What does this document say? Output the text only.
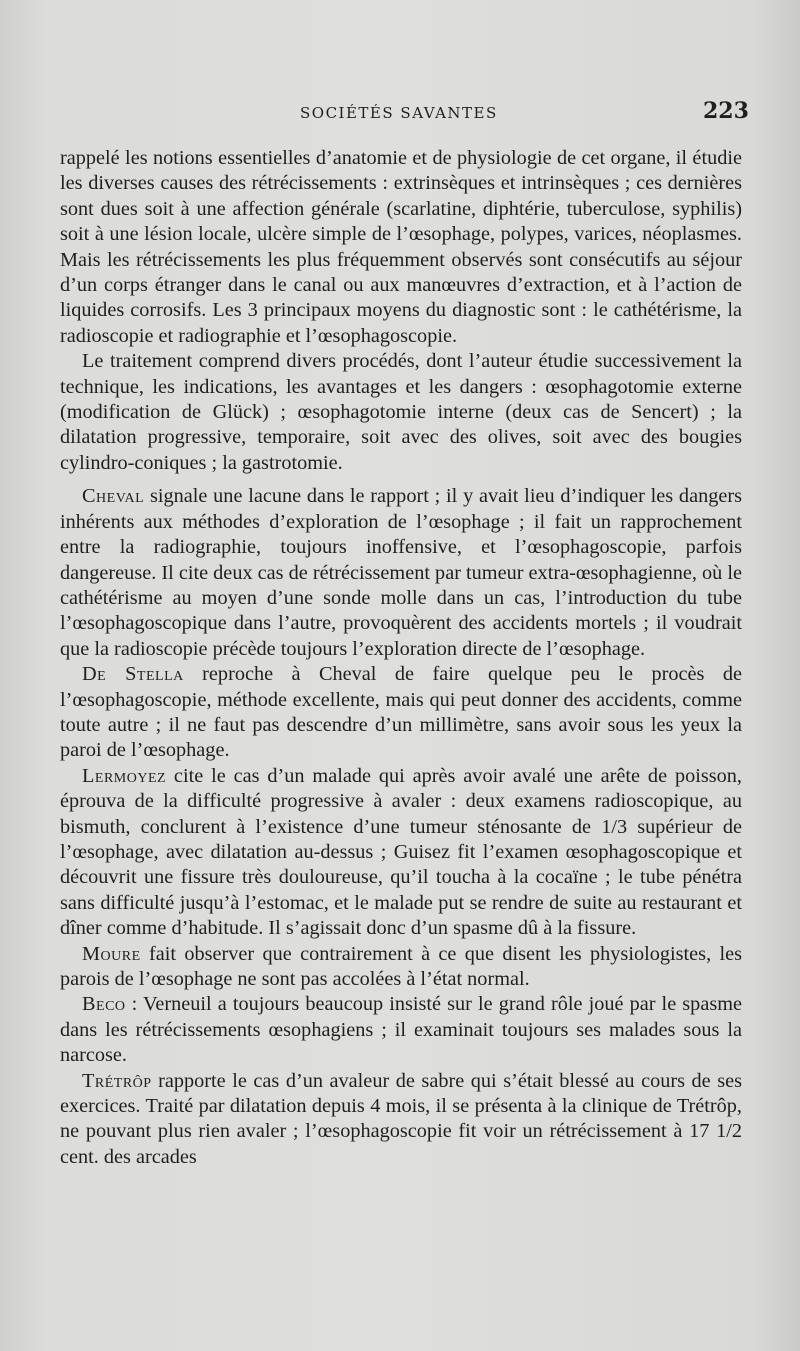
SOCIÉTÉS SAVANTES	223

rappelé les notions essentielles d’anatomie et de physiologie de cet organe, il étudie les diverses causes des rétrécissements : extrinsèques et intrinsèques ; ces dernières sont dues soit à une affection générale (scarlatine, diphtérie, tuberculose, syphilis) soit à une lésion locale, ulcère simple de l’œsophage, polypes, varices, néoplasmes. Mais les rétrécissements les plus fréquemment observés sont consécutifs au séjour d’un corps étranger dans le canal ou aux manœuvres d’extraction, et à l’action de liquides corrosifs. Les 3 principaux moyens du diagnostic sont : le cathétérisme, la radioscopie et radiographie et l’œsophagoscopie.

Le traitement comprend divers procédés, dont l’auteur étudie successivement la technique, les indications, les avantages et les dangers : œsophagotomie externe (modification de Glück) ; œsophagotomie interne (deux cas de Sencert) ; la dilatation progressive, temporaire, soit avec des olives, soit avec des bougies cylindro-coniques ; la gastrotomie.

Cheval signale une lacune dans le rapport ; il y avait lieu d’indiquer les dangers inhérents aux méthodes d’exploration de l’œsophage ; il fait un rapprochement entre la radiographie, toujours inoffensive, et l’œsophagoscopie, parfois dangereuse. Il cite deux cas de rétrécissement par tumeur extra-œsophagienne, où le cathétérisme au moyen d’une sonde molle dans un cas, l’introduction du tube l’œsophagoscopique dans l’autre, provoquèrent des accidents mortels ; il voudrait que la radioscopie précède toujours l’exploration directe de l’œsophage.

De Stella reproche à Cheval de faire quelque peu le procès de l’œsophagoscopie, méthode excellente, mais qui peut donner des accidents, comme toute autre ; il ne faut pas descendre d’un millimètre, sans avoir sous les yeux la paroi de l’œsophage.

Lermoyez cite le cas d’un malade qui après avoir avalé une arête de poisson, éprouva de la difficulté progressive à avaler : deux examens radioscopique, au bismuth, conclurent à l’existence d’une tumeur sténosante de 1/3 supérieur de l’œsophage, avec dilatation au-dessus ; Guisez fit l’examen œsophagoscopique et découvrit une fissure très douloureuse, qu’il toucha à la cocaïne ; le tube pénétra sans difficulté jusqu’à l’estomac, et le malade put se rendre de suite au restaurant et dîner comme d’habitude. Il s’agissait donc d’un spasme dû à la fissure.

Moure fait observer que contrairement à ce que disent les physiologistes, les parois de l’œsophage ne sont pas accolées à l’état normal.

Beco : Verneuil a toujours beaucoup insisté sur le grand rôle joué par le spasme dans les rétrécissements œsophagiens ; il examinait toujours ses malades sous la narcose.

Trétrôp rapporte le cas d’un avaleur de sabre qui s’était blessé au cours de ses exercices. Traité par dilatation depuis 4 mois, il se présenta à la clinique de Trétrôp, ne pouvant plus rien avaler ; l’œsophagoscopie fit voir un rétrécissement à 17 1/2 cent. des arcades
